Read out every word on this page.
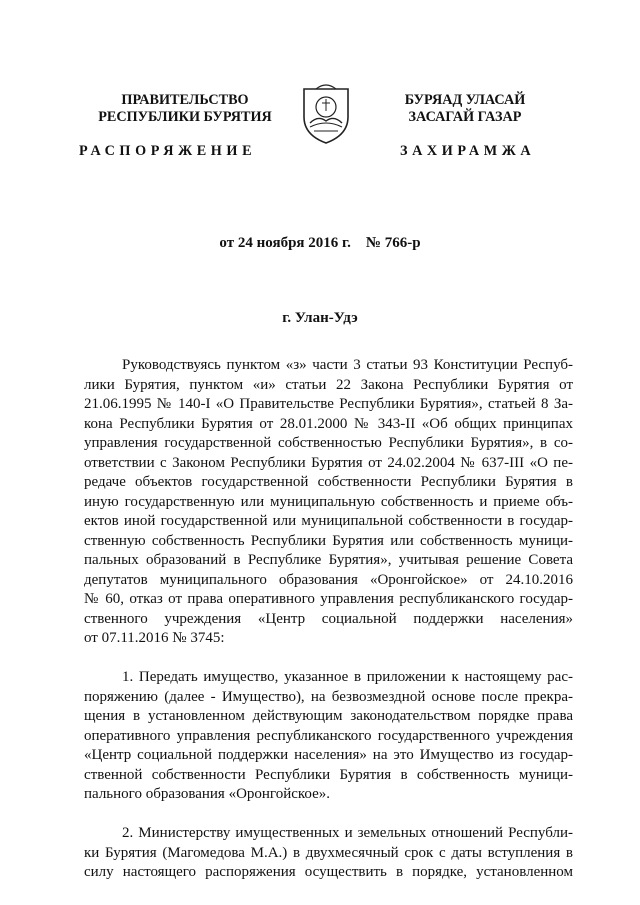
ПРАВИТЕЛЬСТВО
РЕСПУБЛИКИ БУРЯТИЯ
БУРЯАД УЛАСАЙ
ЗАСАГАЙ ГАЗАР
РАСПОРЯЖЕНИЕ	ЗАХИРАМЖА
от 24 ноября 2016 г.    № 766-р
г. Улан-Удэ

Руководствуясь пунктом «з» части 3 статьи 93 Конституции Респуб-
лики Бурятия, пунктом «и» статьи 22 Закона Республики Бурятия от
21.06.1995 № 140-I «О Правительстве Республики Бурятия», статьей 8 За-
кона Республики Бурятия от 28.01.2000 № 343-II «Об общих принципах
управления государственной собственностью Республики Бурятия», в со-
ответствии с Законом Республики Бурятия от 24.02.2004 № 637-III «О пе-
редаче объектов государственной собственности Республики Бурятия в
иную государственную или муниципальную собственность и приеме объ-
ектов иной государственной или муниципальной собственности в государ-
ственную собственность Республики Бурятия или собственность муници-
пальных образований в Республике Бурятия», учитывая решение Совета
депутатов муниципального образования «Оронгойское» от 24.10.2016
№ 60, отказ от права оперативного управления республиканского государ-
ственного учреждения «Центр социальной поддержки населения»
от 07.11.2016 № 3745:

1. Передать имущество, указанное в приложении к настоящему рас-
поряжению (далее - Имущество), на безвозмездной основе после прекра-
щения в установленном действующим законодательством порядке права
оперативного управления республиканского государственного учреждения
«Центр социальной поддержки населения» на это Имущество из государ-
ственной собственности Республики Бурятия в собственность муници-
пального образования «Оронгойское».

2. Министерству имущественных и земельных отношений Республи-
ки Бурятия (Магомедова М.А.) в двухмесячный срок с даты вступления в
силу настоящего распоряжения осуществить в порядке, установленном
